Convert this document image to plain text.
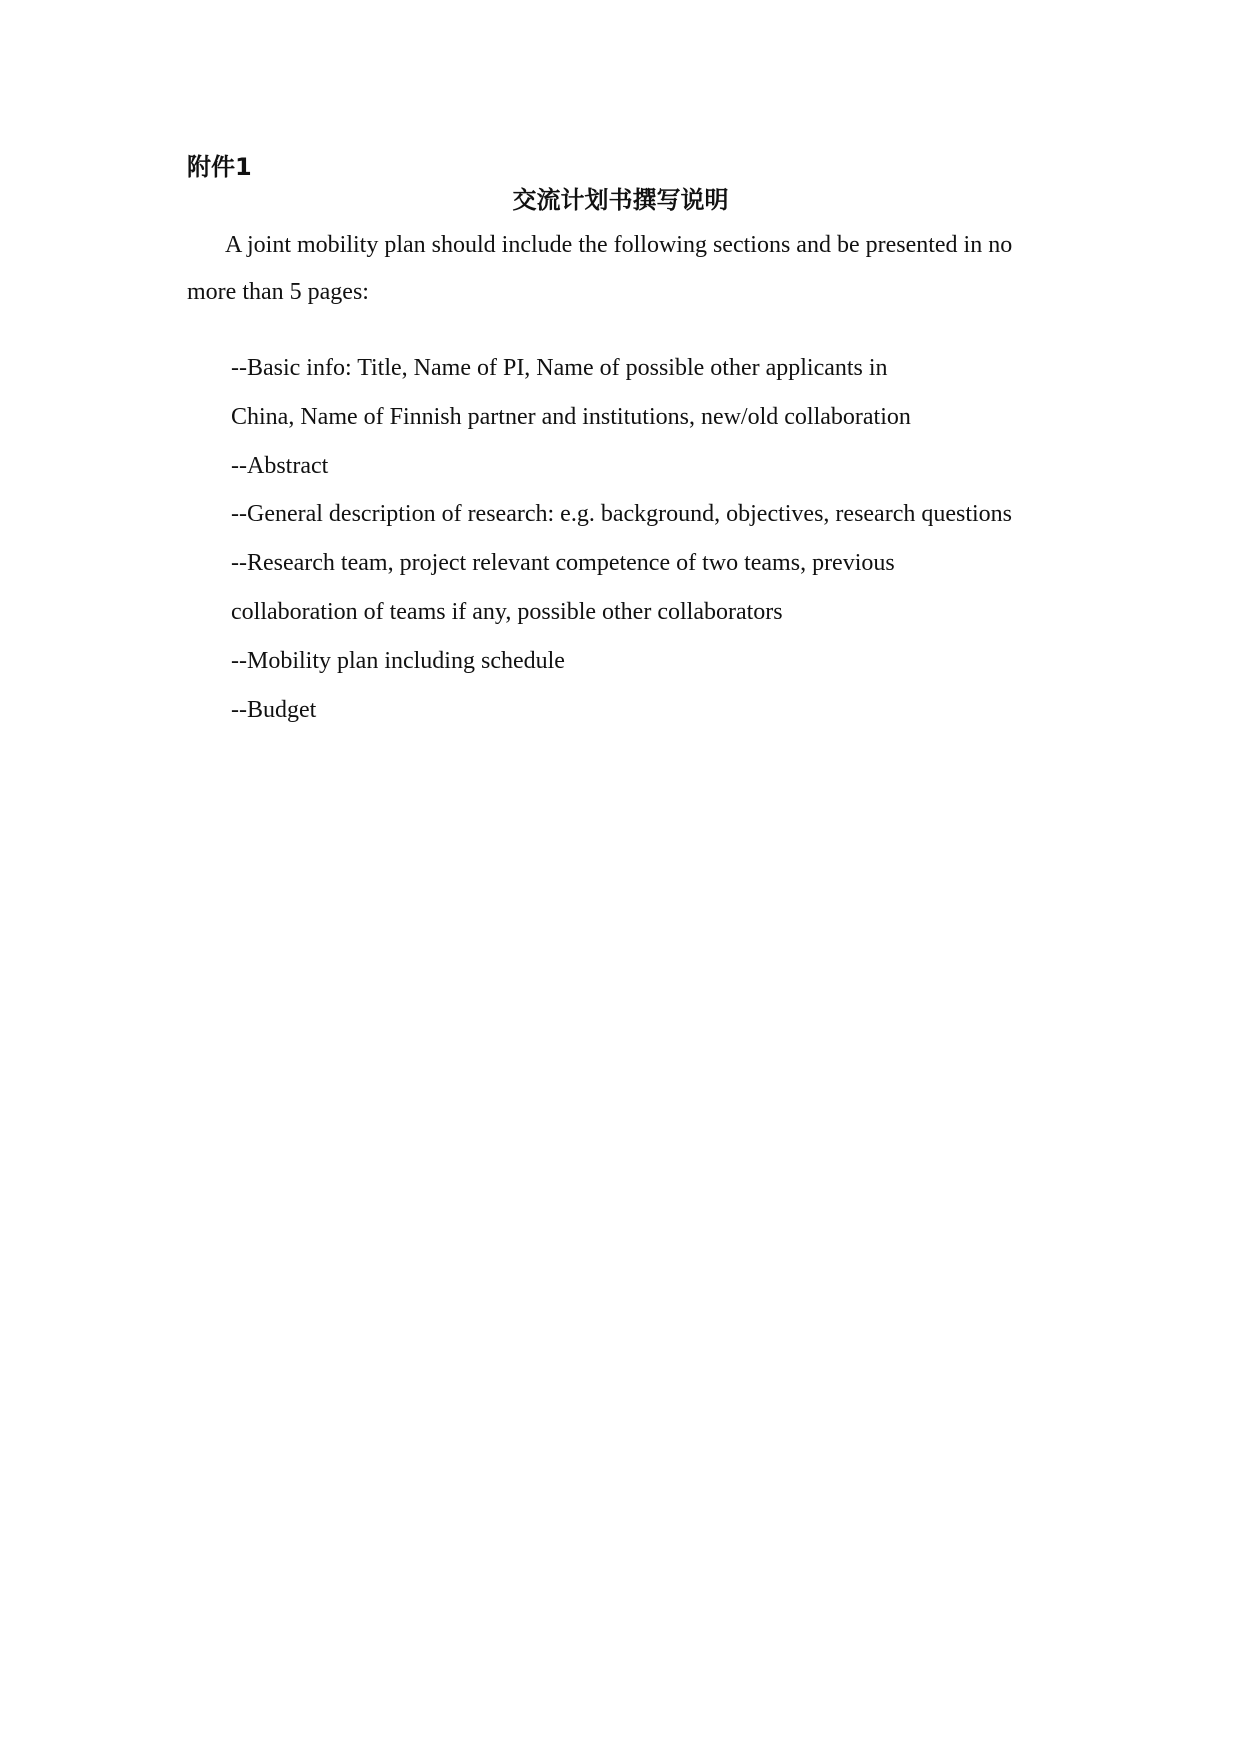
附件1
交流计划书撰写说明
A joint mobility plan should include the following sections and be presented in no
more than 5 pages:
--Basic info: Title, Name of PI, Name of possible other applicants in
China, Name of Finnish partner and institutions, new/old collaboration
--Abstract
--General description of research: e.g. background, objectives, research questions
--Research team, project relevant competence of two teams, previous
collaboration of teams if any, possible other collaborators
--Mobility plan including schedule
--Budget
